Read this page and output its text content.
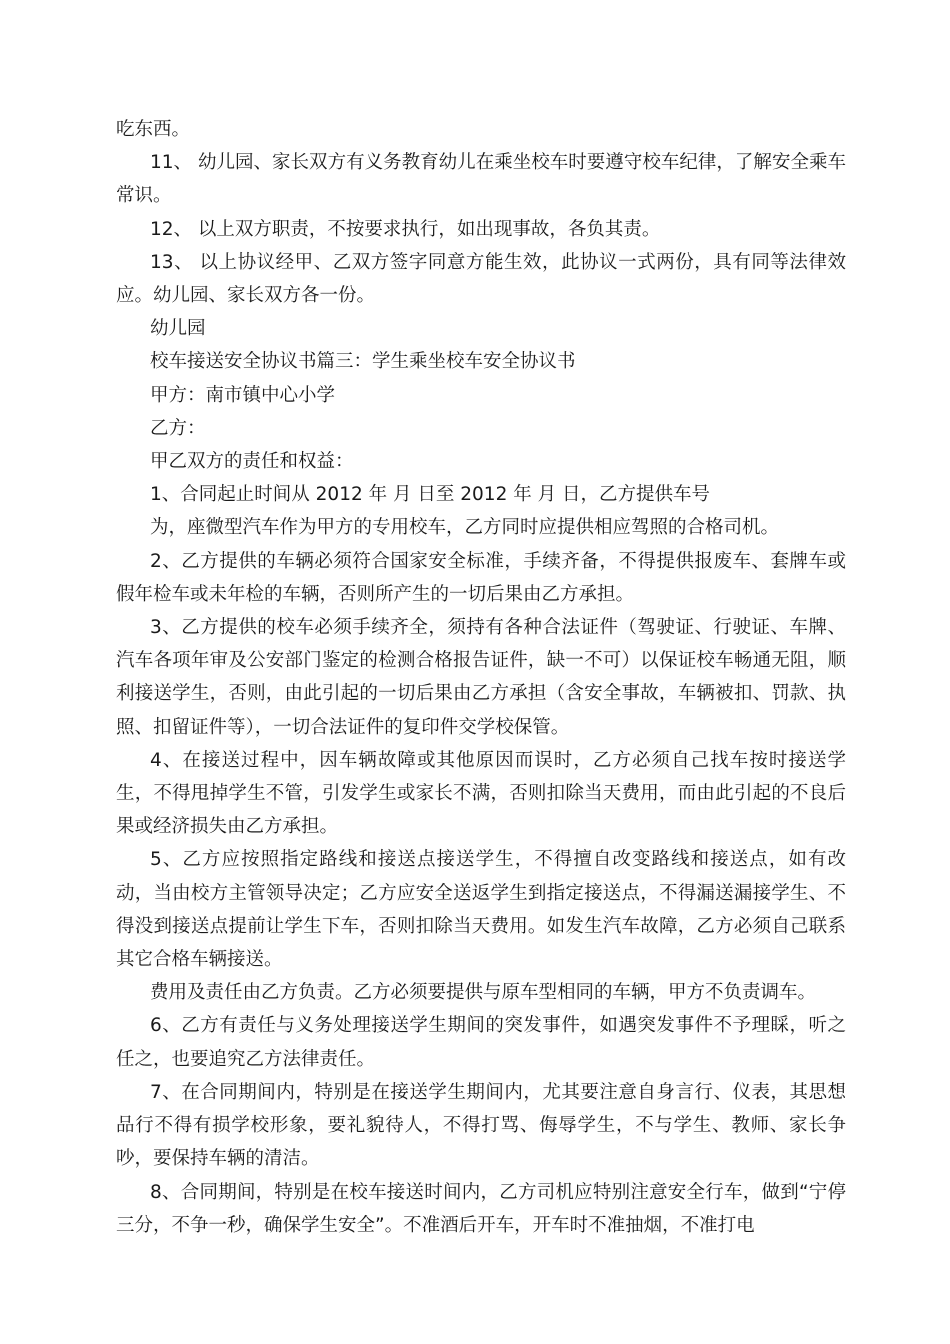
吃东西。

11、 幼儿园、家长双方有义务教育幼儿在乘坐校车时要遵守校车纪律，了解安全乘车常识。

12、 以上双方职责，不按要求执行，如出现事故，各负其责。

13、 以上协议经甲、乙双方签字同意方能生效，此协议一式两份，具有同等法律效应。幼儿园、家长双方各一份。

幼儿园

校车接送安全协议书篇三：学生乘坐校车安全协议书

甲方：南市镇中心小学

乙方：

甲乙双方的责任和权益：

1、合同起止时间从 2012 年 月 日至 2012 年 月 日，乙方提供车号

为，座微型汽车作为甲方的专用校车，乙方同时应提供相应驾照的合格司机。

2、乙方提供的车辆必须符合国家安全标准，手续齐备，不得提供报废车、套牌车或假年检车或未年检的车辆，否则所产生的一切后果由乙方承担。

3、乙方提供的校车必须手续齐全，须持有各种合法证件（驾驶证、行驶证、车牌、汽车各项年审及公安部门鉴定的检测合格报告证件，缺一不可）以保证校车畅通无阻，顺利接送学生，否则，由此引起的一切后果由乙方承担（含安全事故，车辆被扣、罚款、执照、扣留证件等），一切合法证件的复印件交学校保管。

4、在接送过程中，因车辆故障或其他原因而误时，乙方必须自己找车按时接送学生，不得甩掉学生不管，引发学生或家长不满，否则扣除当天费用，而由此引起的不良后果或经济损失由乙方承担。

5、乙方应按照指定路线和接送点接送学生，不得擅自改变路线和接送点，如有改动，当由校方主管领导决定；乙方应安全送返学生到指定接送点，不得漏送漏接学生、不得没到接送点提前让学生下车，否则扣除当天费用。如发生汽车故障，乙方必须自己联系其它合格车辆接送。

费用及责任由乙方负责。乙方必须要提供与原车型相同的车辆，甲方不负责调车。

6、乙方有责任与义务处理接送学生期间的突发事件，如遇突发事件不予理睬，听之任之，也要追究乙方法律责任。

7、在合同期间内，特别是在接送学生期间内，尤其要注意自身言行、仪表，其思想品行不得有损学校形象，要礼貌待人，不得打骂、侮辱学生，不与学生、教师、家长争吵，要保持车辆的清洁。

8、合同期间，特别是在校车接送时间内，乙方司机应特别注意安全行车，做到“宁停三分，不争一秒，确保学生安全”。不准酒后开车，开车时不准抽烟，不准打电
